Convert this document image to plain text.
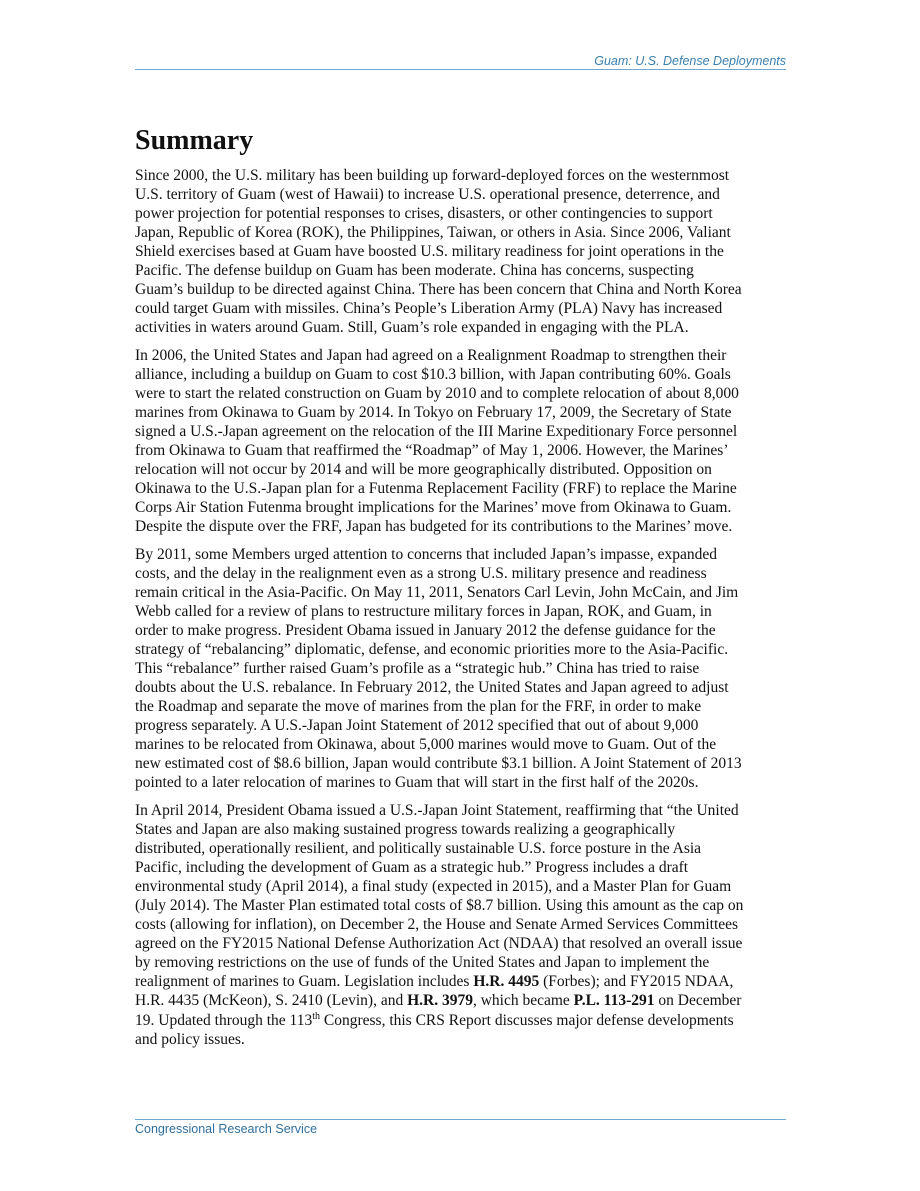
Guam: U.S. Defense Deployments
Summary

Since 2000, the U.S. military has been building up forward-deployed forces on the westernmost
U.S. territory of Guam (west of Hawaii) to increase U.S. operational presence, deterrence, and
power projection for potential responses to crises, disasters, or other contingencies to support
Japan, Republic of Korea (ROK), the Philippines, Taiwan, or others in Asia. Since 2006, Valiant
Shield exercises based at Guam have boosted U.S. military readiness for joint operations in the
Pacific. The defense buildup on Guam has been moderate. China has concerns, suspecting
Guam’s buildup to be directed against China. There has been concern that China and North Korea
could target Guam with missiles. China’s People’s Liberation Army (PLA) Navy has increased
activities in waters around Guam. Still, Guam’s role expanded in engaging with the PLA.

In 2006, the United States and Japan had agreed on a Realignment Roadmap to strengthen their
alliance, including a buildup on Guam to cost $10.3 billion, with Japan contributing 60%. Goals
were to start the related construction on Guam by 2010 and to complete relocation of about 8,000
marines from Okinawa to Guam by 2014. In Tokyo on February 17, 2009, the Secretary of State
signed a U.S.-Japan agreement on the relocation of the III Marine Expeditionary Force personnel
from Okinawa to Guam that reaffirmed the “Roadmap” of May 1, 2006. However, the Marines’
relocation will not occur by 2014 and will be more geographically distributed. Opposition on
Okinawa to the U.S.-Japan plan for a Futenma Replacement Facility (FRF) to replace the Marine
Corps Air Station Futenma brought implications for the Marines’ move from Okinawa to Guam.
Despite the dispute over the FRF, Japan has budgeted for its contributions to the Marines’ move.

By 2011, some Members urged attention to concerns that included Japan’s impasse, expanded
costs, and the delay in the realignment even as a strong U.S. military presence and readiness
remain critical in the Asia-Pacific. On May 11, 2011, Senators Carl Levin, John McCain, and Jim
Webb called for a review of plans to restructure military forces in Japan, ROK, and Guam, in
order to make progress. President Obama issued in January 2012 the defense guidance for the
strategy of “rebalancing” diplomatic, defense, and economic priorities more to the Asia-Pacific.
This “rebalance” further raised Guam’s profile as a “strategic hub.” China has tried to raise
doubts about the U.S. rebalance. In February 2012, the United States and Japan agreed to adjust
the Roadmap and separate the move of marines from the plan for the FRF, in order to make
progress separately. A U.S.-Japan Joint Statement of 2012 specified that out of about 9,000
marines to be relocated from Okinawa, about 5,000 marines would move to Guam. Out of the
new estimated cost of $8.6 billion, Japan would contribute $3.1 billion. A Joint Statement of 2013
pointed to a later relocation of marines to Guam that will start in the first half of the 2020s.

In April 2014, President Obama issued a U.S.-Japan Joint Statement, reaffirming that “the United
States and Japan are also making sustained progress towards realizing a geographically
distributed, operationally resilient, and politically sustainable U.S. force posture in the Asia
Pacific, including the development of Guam as a strategic hub.” Progress includes a draft
environmental study (April 2014), a final study (expected in 2015), and a Master Plan for Guam
(July 2014). The Master Plan estimated total costs of $8.7 billion. Using this amount as the cap on
costs (allowing for inflation), on December 2, the House and Senate Armed Services Committees
agreed on the FY2015 National Defense Authorization Act (NDAA) that resolved an overall issue
by removing restrictions on the use of funds of the United States and Japan to implement the
realignment of marines to Guam. Legislation includes H.R. 4495 (Forbes); and FY2015 NDAA,
H.R. 4435 (McKeon), S. 2410 (Levin), and H.R. 3979, which became P.L. 113-291 on December
19. Updated through the 113th Congress, this CRS Report discusses major defense developments
and policy issues.

Congressional Research Service
